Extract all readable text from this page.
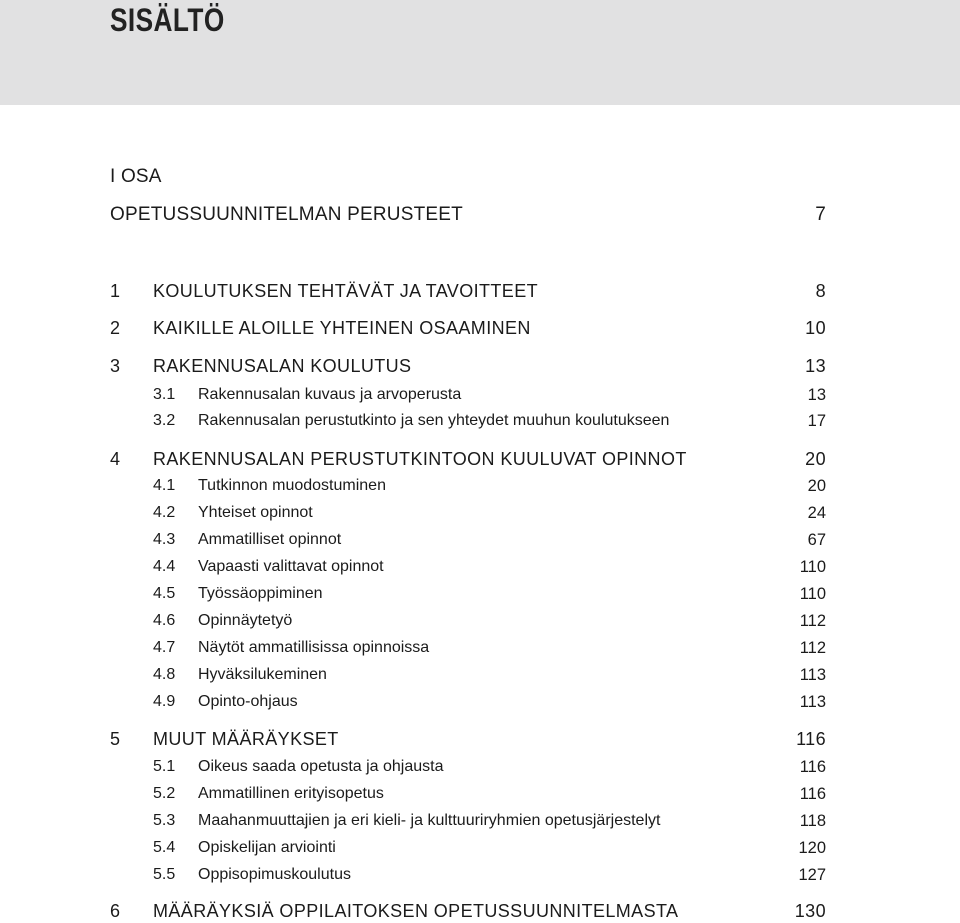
SISÄLTÖ
I OSA
OPETUSSUUNNITELMAN PERUSTEET	7
1 KOULUTUKSEN TEHTÄVÄT JA TAVOITTEET	8
2 KAIKILLE ALOILLE YHTEINEN OSAAMINEN	10
3 RAKENNUSALAN KOULUTUS	13
3.1 Rakennusalan kuvaus ja arvoperusta	13
3.2 Rakennusalan perustutkinto ja sen yhteydet muuhun koulutukseen	17
4 RAKENNUSALAN PERUSTUTKINTOON KUULUVAT OPINNOT	20
4.1 Tutkinnon muodostuminen	20
4.2 Yhteiset opinnot	24
4.3 Ammatilliset opinnot	67
4.4 Vapaasti valittavat opinnot	110
4.5 Työssäoppiminen	110
4.6 Opinnäytetyö	112
4.7 Näytöt ammatillisissa opinnoissa	112
4.8 Hyväksilukeminen	113
4.9 Opinto-ohjaus	113
5 MUUT MÄÄRÄYKSET	116
5.1 Oikeus saada opetusta ja ohjausta	116
5.2 Ammatillinen erityisopetus	116
5.3 Maahanmuuttajien ja eri kieli- ja kulttuuriryhmien opetusjärjestelyt	118
5.4 Opiskelijan arviointi	120
5.5 Oppisopimuskoulutus	127
6 MÄÄRÄYKSIÄ OPPILAITOKSEN OPETUSSUUNNITELMASTA	130
